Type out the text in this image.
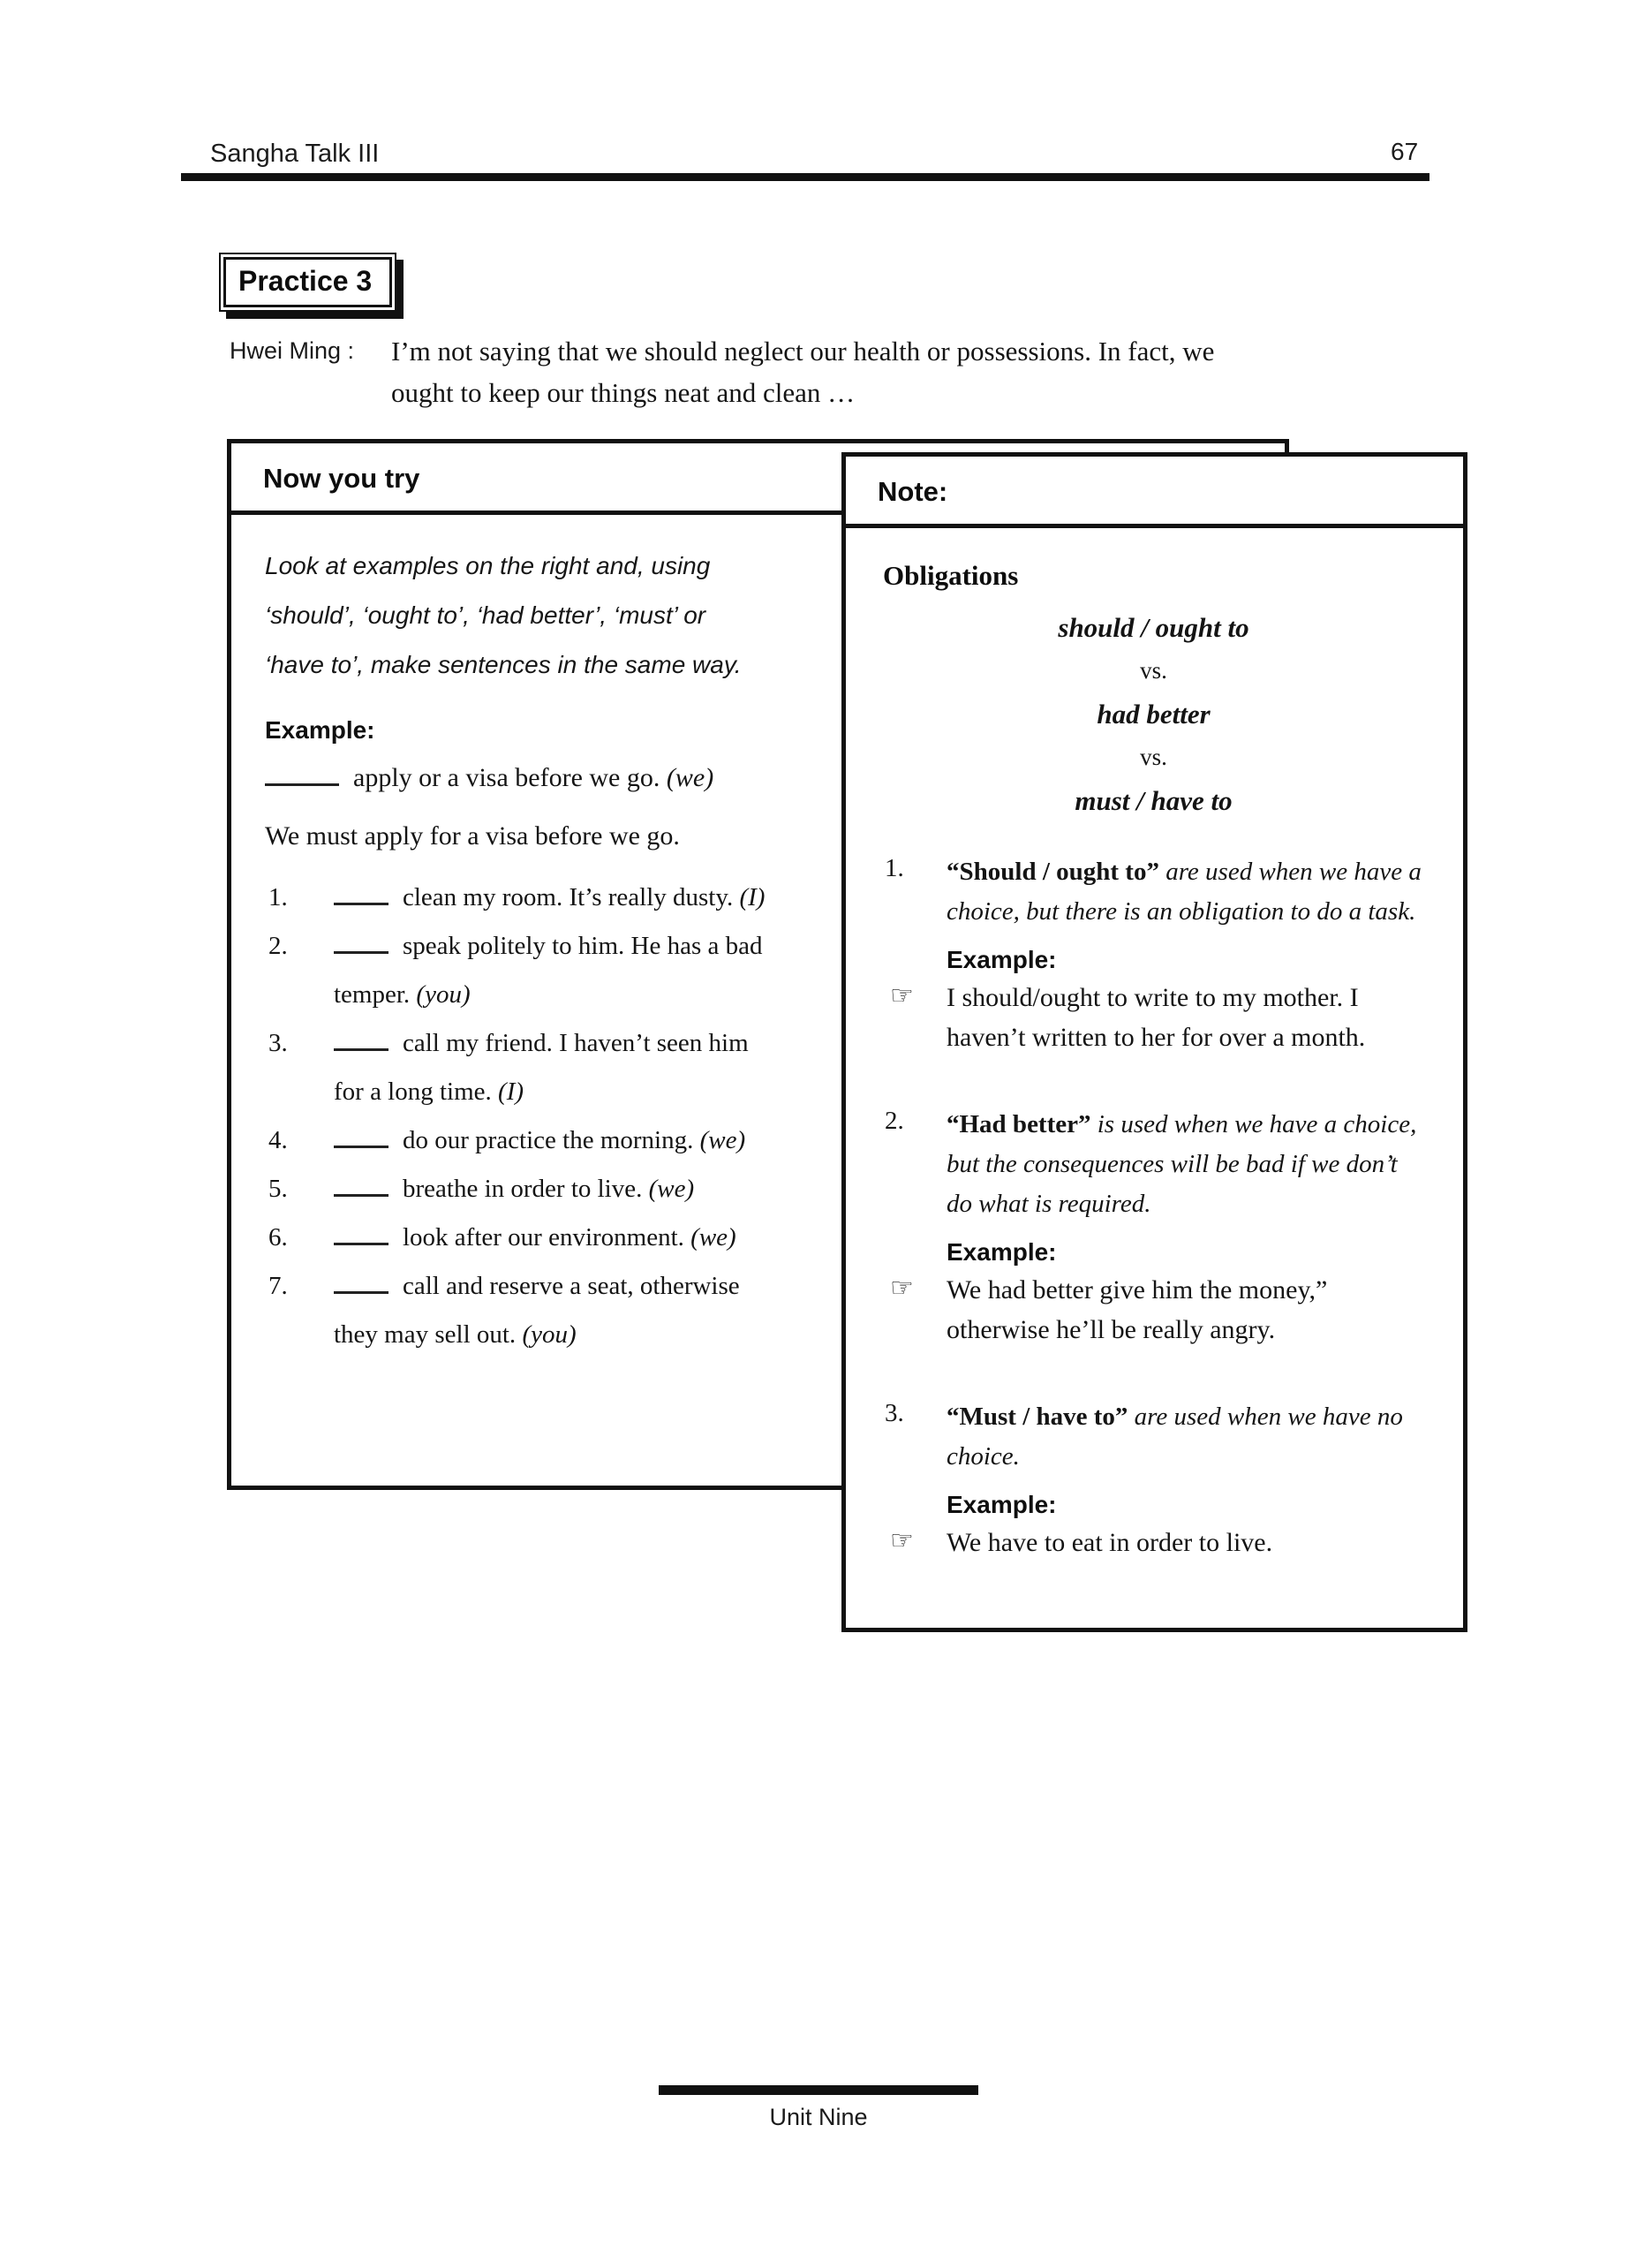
Sangha Talk III	67
Practice 3
Hwei Ming : I’m not saying that we should neglect our health or possessions. In fact, we
ought to keep our things neat and clean …
Now you try

Look at examples on the right and, using
‘should’, ‘ought to’, ‘had better’, ‘must’ or
‘have to’, make sentences in the same way.

Example:

apply or a visa before we go. (we)

We must apply for a visa before we go.

1.	clean my room. It’s really dusty. (I)

2.	speak politely to him. He has a bad temper. (you)

3.	call my friend. I haven’t seen him for a long time. (I)

4.	do our practice the morning. (we)

5.	breathe in order to live. (we)

6.	look after our environment. (we)

7.	call and reserve a seat, otherwise they may sell out. (you)

Note:

Obligations

should / ought to
vs.
had better
vs.
must / have to
1. “Should / ought to” are used when we have a choice, but there is an obligation to do a task.

Example:

☞ I should/ought to write to my mother. I haven’t written to her for over a month.

2. “Had better” is used when we have a choice, but the consequences will be bad if we don’t do what is required.

Example:

☞ We had better give him the money,” otherwise he’ll be really angry.

3. “Must / have to” are used when we have no choice.

Example:

☞ We have to eat in order to live.

Unit Nine
